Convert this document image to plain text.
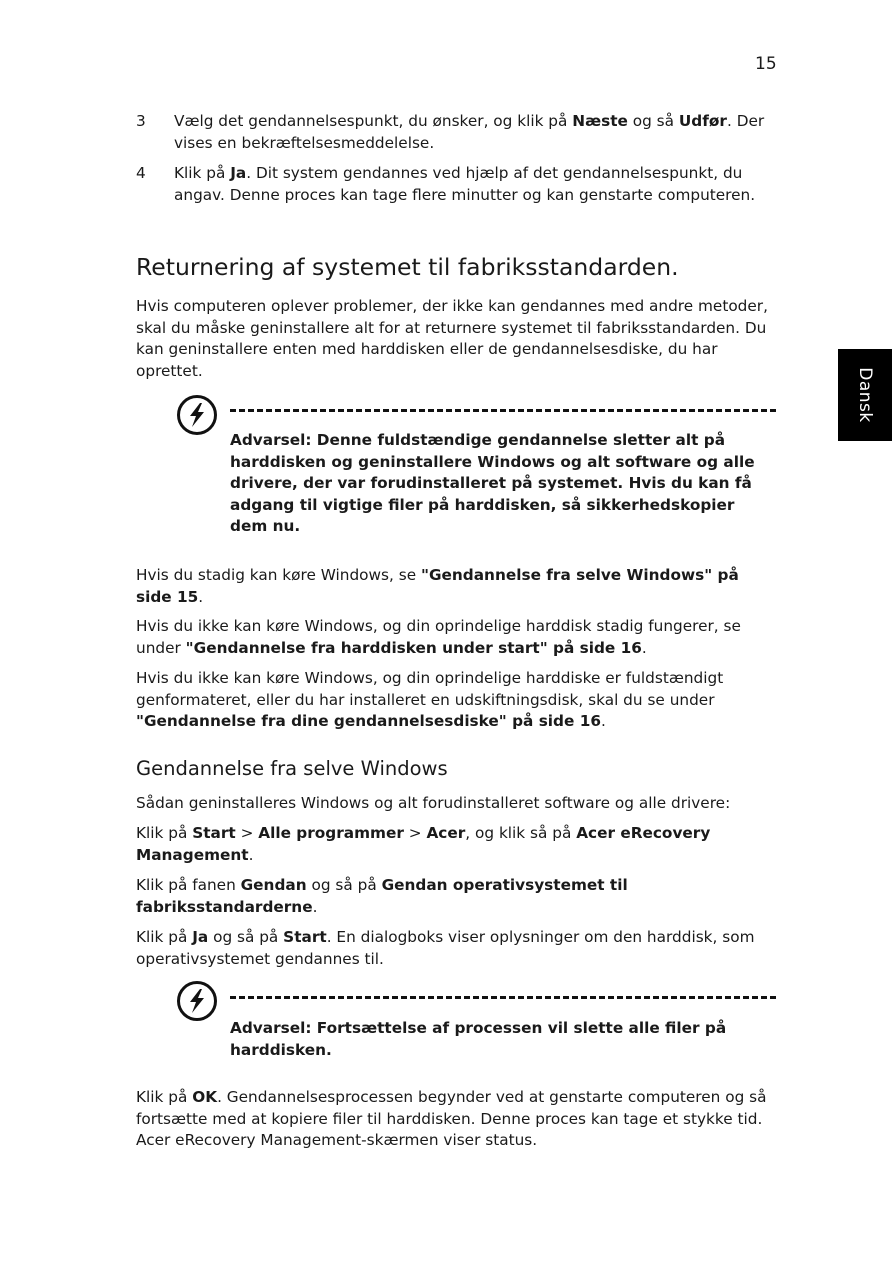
15
Dansk
3 Vælg det gendannelsespunkt, du ønsker, og klik på Næste og så Udfør. Der vises en bekræftelsesmeddelelse.

4 Klik på Ja. Dit system gendannes ved hjælp af det gendannelsespunkt, du angav. Denne proces kan tage flere minutter og kan genstarte computeren.

Returnering af systemet til fabriksstandarden.

Hvis computeren oplever problemer, der ikke kan gendannes med andre metoder, skal du måske geninstallere alt for at returnere systemet til fabriksstandarden. Du kan geninstallere enten med harddisken eller de gendannelsesdiske, du har oprettet.

Advarsel: Denne fuldstændige gendannelse sletter alt på harddisken og geninstallere Windows og alt software og alle drivere, der var forudinstalleret på systemet. Hvis du kan få adgang til vigtige filer på harddisken, så sikkerhedskopier dem nu.

Hvis du stadig kan køre Windows, se "Gendannelse fra selve Windows" på side 15.

Hvis du ikke kan køre Windows, og din oprindelige harddisk stadig fungerer, se under "Gendannelse fra harddisken under start" på side 16.

Hvis du ikke kan køre Windows, og din oprindelige harddiske er fuldstændigt genformateret, eller du har installeret en udskiftningsdisk, skal du se under "Gendannelse fra dine gendannelsesdiske" på side 16.

Gendannelse fra selve Windows

Sådan geninstalleres Windows og alt forudinstalleret software og alle drivere:

Klik på Start > Alle programmer > Acer, og klik så på Acer eRecovery Management.

Klik på fanen Gendan og så på Gendan operativsystemet til fabriksstandarderne.

Klik på Ja og så på Start. En dialogboks viser oplysninger om den harddisk, som operativsystemet gendannes til.

Advarsel: Fortsættelse af processen vil slette alle filer på harddisken.

Klik på OK. Gendannelsesprocessen begynder ved at genstarte computeren og så fortsætte med at kopiere filer til harddisken. Denne proces kan tage et stykke tid. Acer eRecovery Management-skærmen viser status.
